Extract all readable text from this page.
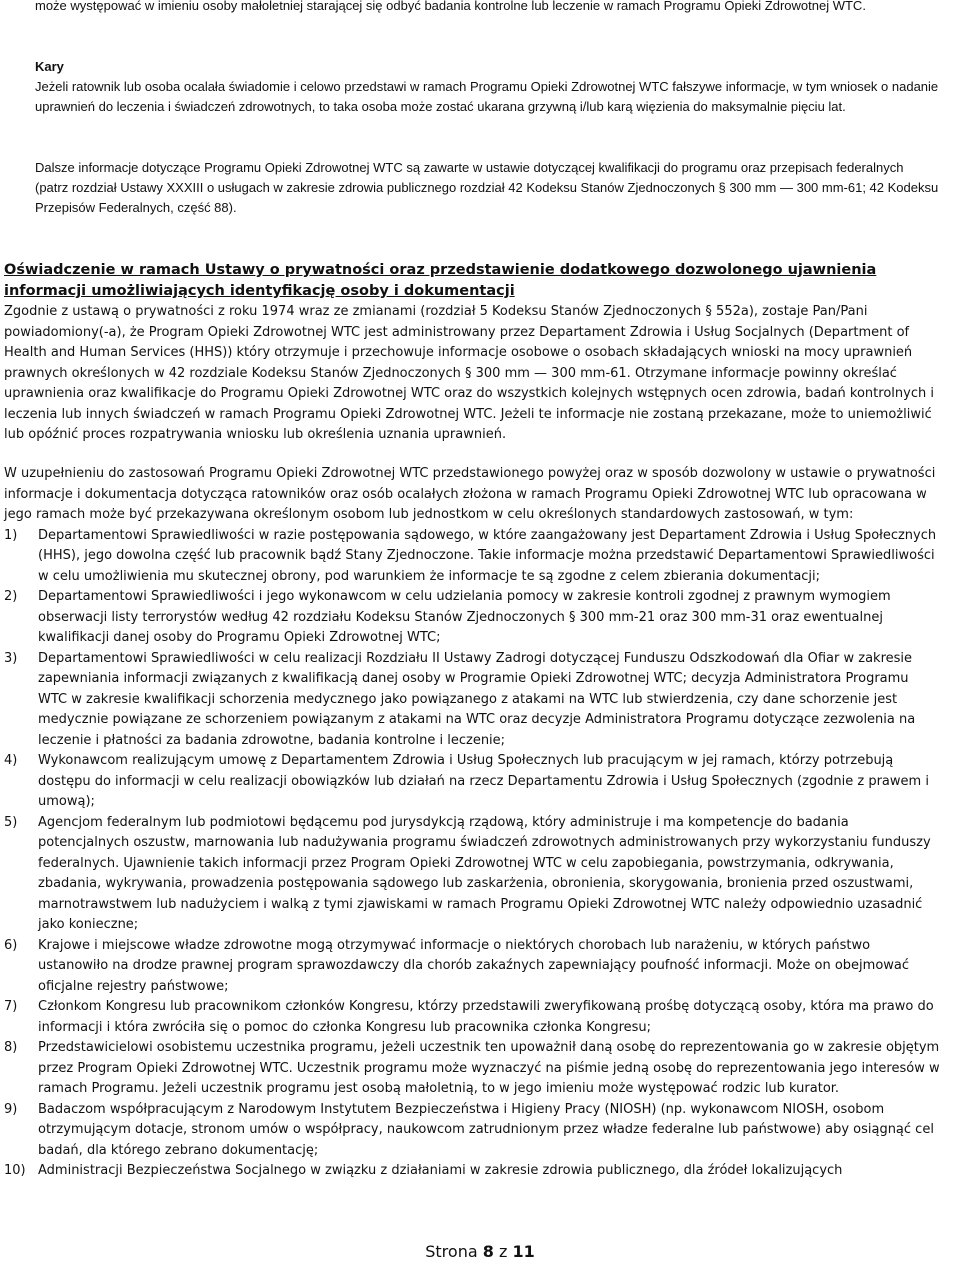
może występować w imieniu osoby małoletniej starającej się odbyć badania kontrolne lub leczenie w ramach Programu Opieki Zdrowotnej WTC.

Kary

Jeżeli ratownik lub osoba ocalała świadomie i celowo przedstawi w ramach Programu Opieki Zdrowotnej WTC fałszywe informacje, w tym wniosek o nadanie uprawnień do leczenia i świadczeń zdrowotnych, to taka osoba może zostać ukarana grzywną i/lub karą więzienia do maksymalnie pięciu lat.

Dalsze informacje dotyczące Programu Opieki Zdrowotnej WTC są zawarte w ustawie dotyczącej kwalifikacji do programu oraz przepisach federalnych (patrz rozdział Ustawy XXXIII o usługach w zakresie zdrowia publicznego rozdział 42 Kodeksu Stanów Zjednoczonych § 300 mm — 300 mm-61; 42 Kodeksu Przepisów Federalnych, część 88).

Oświadczenie w ramach Ustawy o prywatności oraz przedstawienie dodatkowego dozwolonego ujawnienia informacji umożliwiających identyfikację osoby i dokumentacji

Zgodnie z ustawą o prywatności z roku 1974 wraz ze zmianami (rozdział 5 Kodeksu Stanów Zjednoczonych § 552a), zostaje Pan/Pani powiadomiony(-a), że Program Opieki Zdrowotnej WTC jest administrowany przez Departament Zdrowia i Usług Socjalnych (Department of Health and Human Services (HHS)) który otrzymuje i przechowuje informacje osobowe o osobach składających wnioski na mocy uprawnień prawnych określonych w 42 rozdziale Kodeksu Stanów Zjednoczonych § 300 mm — 300 mm-61. Otrzymane informacje powinny określać uprawnienia oraz kwalifikacje do Programu Opieki Zdrowotnej WTC oraz do wszystkich kolejnych wstępnych ocen zdrowia, badań kontrolnych i leczenia lub innych świadczeń w ramach Programu Opieki Zdrowotnej WTC. Jeżeli te informacje nie zostaną przekazane, może to uniemożliwić lub opóźnić proces rozpatrywania wniosku lub określenia uznania uprawnień.

W uzupełnieniu do zastosowań Programu Opieki Zdrowotnej WTC przedstawionego powyżej oraz w sposób dozwolony w ustawie o prywatności informacje i dokumentacja dotycząca ratowników oraz osób ocalałych złożona w ramach Programu Opieki Zdrowotnej WTC lub opracowana w jego ramach może być przekazywana określonym osobom lub jednostkom w celu określonych standardowych zastosowań, w tym:

1) Departamentowi Sprawiedliwości w razie postępowania sądowego, w które zaangażowany jest Departament Zdrowia i Usług Społecznych (HHS), jego dowolna część lub pracownik bądź Stany Zjednoczone. Takie informacje można przedstawić Departamentowi Sprawiedliwości w celu umożliwienia mu skutecznej obrony, pod warunkiem że informacje te są zgodne z celem zbierania dokumentacji;
2) Departamentowi Sprawiedliwości i jego wykonawcom w celu udzielania pomocy w zakresie kontroli zgodnej z prawnym wymogiem obserwacji listy terrorystów według 42 rozdziału Kodeksu Stanów Zjednoczonych § 300 mm-21 oraz 300 mm-31 oraz ewentualnej kwalifikacji danej osoby do Programu Opieki Zdrowotnej WTC;
3) Departamentowi Sprawiedliwości w celu realizacji Rozdziału II Ustawy Zadrogi dotyczącej Funduszu Odszkodowań dla Ofiar w zakresie zapewniania informacji związanych z kwalifikacją danej osoby w Programie Opieki Zdrowotnej WTC; decyzja Administratora Programu WTC w zakresie kwalifikacji schorzenia medycznego jako powiązanego z atakami na WTC lub stwierdzenia, czy dane schorzenie jest medycznie powiązane ze schorzeniem powiązanym z atakami na WTC oraz decyzje Administratora Programu dotyczące zezwolenia na leczenie i płatności za badania zdrowotne, badania kontrolne i leczenie;
4) Wykonawcom realizującym umowę z Departamentem Zdrowia i Usług Społecznych lub pracującym w jej ramach, którzy potrzebują dostępu do informacji w celu realizacji obowiązków lub działań na rzecz Departamentu Zdrowia i Usług Społecznych (zgodnie z prawem i umową);
5) Agencjom federalnym lub podmiotowi będącemu pod jurysdykcją rządową, który administruje i ma kompetencje do badania potencjalnych oszustw, marnowania lub nadużywania programu świadczeń zdrowotnych administrowanych przy wykorzystaniu funduszy federalnych. Ujawnienie takich informacji przez Program Opieki Zdrowotnej WTC w celu zapobiegania, powstrzymania, odkrywania, zbadania, wykrywania, prowadzenia postępowania sądowego lub zaskarżenia, obronienia, skorygowania, bronienia przed oszustwami, marnotrawstwem lub nadużyciem i walką z tymi zjawiskami w ramach Programu Opieki Zdrowotnej WTC należy odpowiednio uzasadnić jako konieczne;
6) Krajowe i miejscowe władze zdrowotne mogą otrzymywać informacje o niektórych chorobach lub narażeniu, w których państwo ustanowiło na drodze prawnej program sprawozdawczy dla chorób zakaźnych zapewniający poufność informacji. Może on obejmować oficjalne rejestry państwowe;
7) Członkom Kongresu lub pracownikom członków Kongresu, którzy przedstawili zweryfikowaną prośbę dotyczącą osoby, która ma prawo do informacji i która zwróciła się o pomoc do członka Kongresu lub pracownika członka Kongresu;
8) Przedstawicielowi osobistemu uczestnika programu, jeżeli uczestnik ten upoważnił daną osobę do reprezentowania go w zakresie objętym przez Program Opieki Zdrowotnej WTC. Uczestnik programu może wyznaczyć na piśmie jedną osobę do reprezentowania jego interesów w ramach Programu. Jeżeli uczestnik programu jest osobą małoletnią, to w jego imieniu może występować rodzic lub kurator.
9) Badaczom współpracującym z Narodowym Instytutem Bezpieczeństwa i Higieny Pracy (NIOSH) (np. wykonawcom NIOSH, osobom otrzymującym dotacje, stronom umów o współpracy, naukowcom zatrudnionym przez władze federalne lub państwowe) aby osiągnąć cel badań, dla którego zebrano dokumentację;
10) Administracji Bezpieczeństwa Socjalnego w związku z działaniami w zakresie zdrowia publicznego, dla źródeł lokalizujących
Strona 8 z 11
